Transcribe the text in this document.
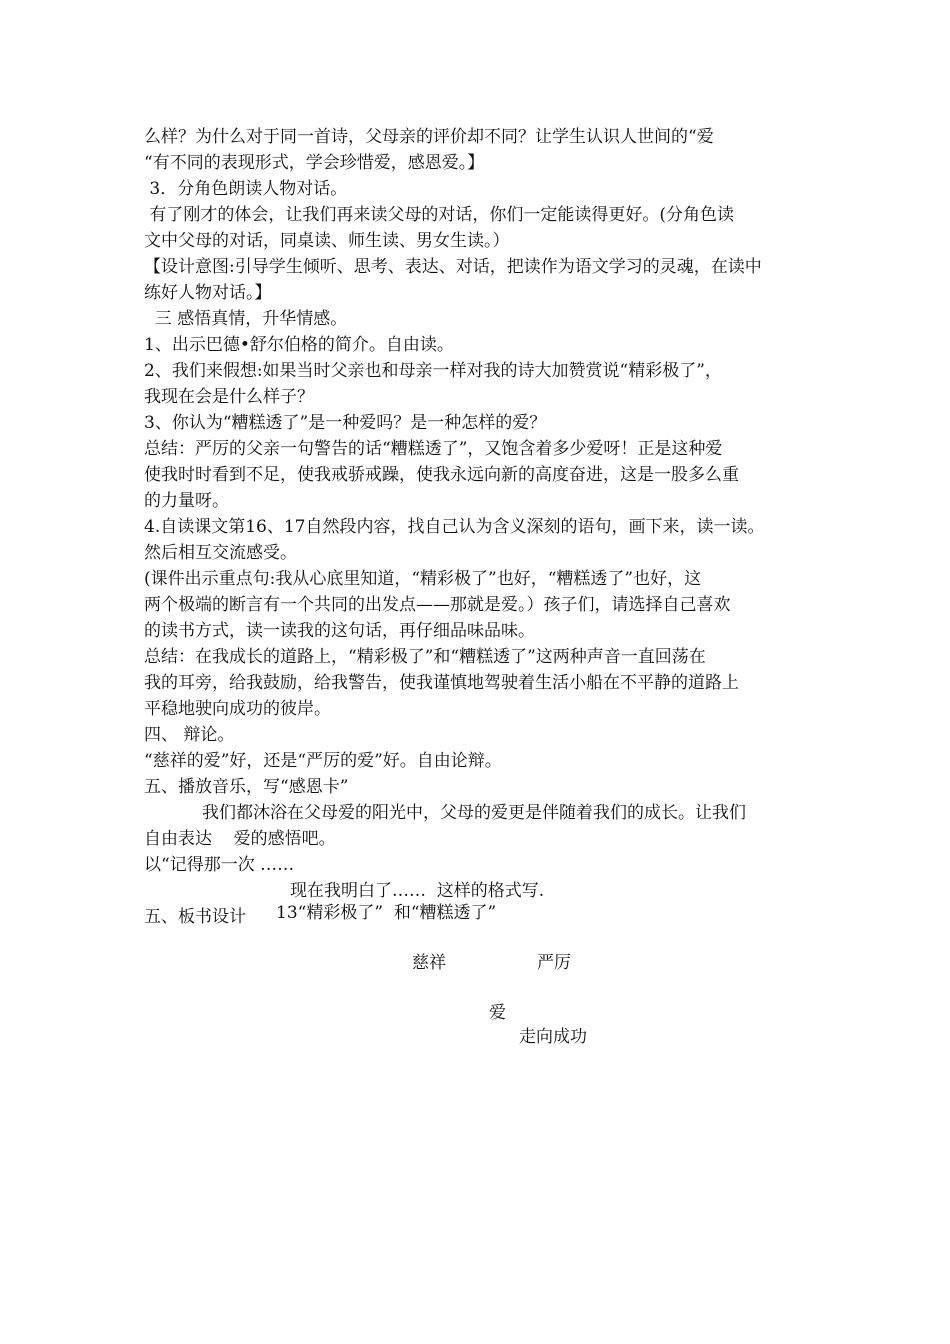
么样？为什么对于同一首诗，父母亲的评价却不同？让学生认识人世间的“爱
“有不同的表现形式，学会珍惜爱，感恩爱。】
3．分角色朗读人物对话。
有了刚才的体会，让我们再来读父母的对话，你们一定能读得更好。(分角色读
文中父母的对话，同桌读、师生读、男女生读。）
【设计意图:引导学生倾听、思考、表达、对话，把读作为语文学习的灵魂，在读中
练好人物对话。】
三 感悟真情，升华情感。
1、出示巴德•舒尔伯格的简介。自由读。
2、我们来假想:如果当时父亲也和母亲一样对我的诗大加赞赏说“精彩极了”，
我现在会是什么样子？
3、你认为“糟糕透了”是一种爱吗？是一种怎样的爱？
总结：严厉的父亲一句警告的话“糟糕透了”，又饱含着多少爱呀！正是这种爱
使我时时看到不足，使我戒骄戒躁，使我永远向新的高度奋进，这是一股多么重
的力量呀。
4.自读课文第16、17自然段内容，找自己认为含义深刻的语句，画下来，读一读。
然后相互交流感受。
(课件出示重点句:我从心底里知道，“精彩极了”也好，“糟糕透了”也好，这
两个极端的断言有一个共同的出发点——那就是爱。）孩子们，请选择自己喜欢
的读书方式，读一读我的这句话，再仔细品味品味。
总结：在我成长的道路上，“精彩极了”和“糟糕透了”这两种声音一直回荡在
我的耳旁，给我鼓励，给我警告，使我谨慎地驾驶着生活小船在不平静的道路上
平稳地驶向成功的彼岸。
四、 辩论。
“慈祥的爱”好，还是“严厉的爱”好。自由论辩。
五、播放音乐，写“感恩卡”
我们都沐浴在父母爱的阳光中，父母的爱更是伴随着我们的成长。让我们
自由表达    爱的感悟吧。
以“记得那一次 ……
现在我明白了……  这样的格式写.
五、板书设计	13“精彩极了”  和“糟糕透了”
慈祥	严厉
爱
走向成功
